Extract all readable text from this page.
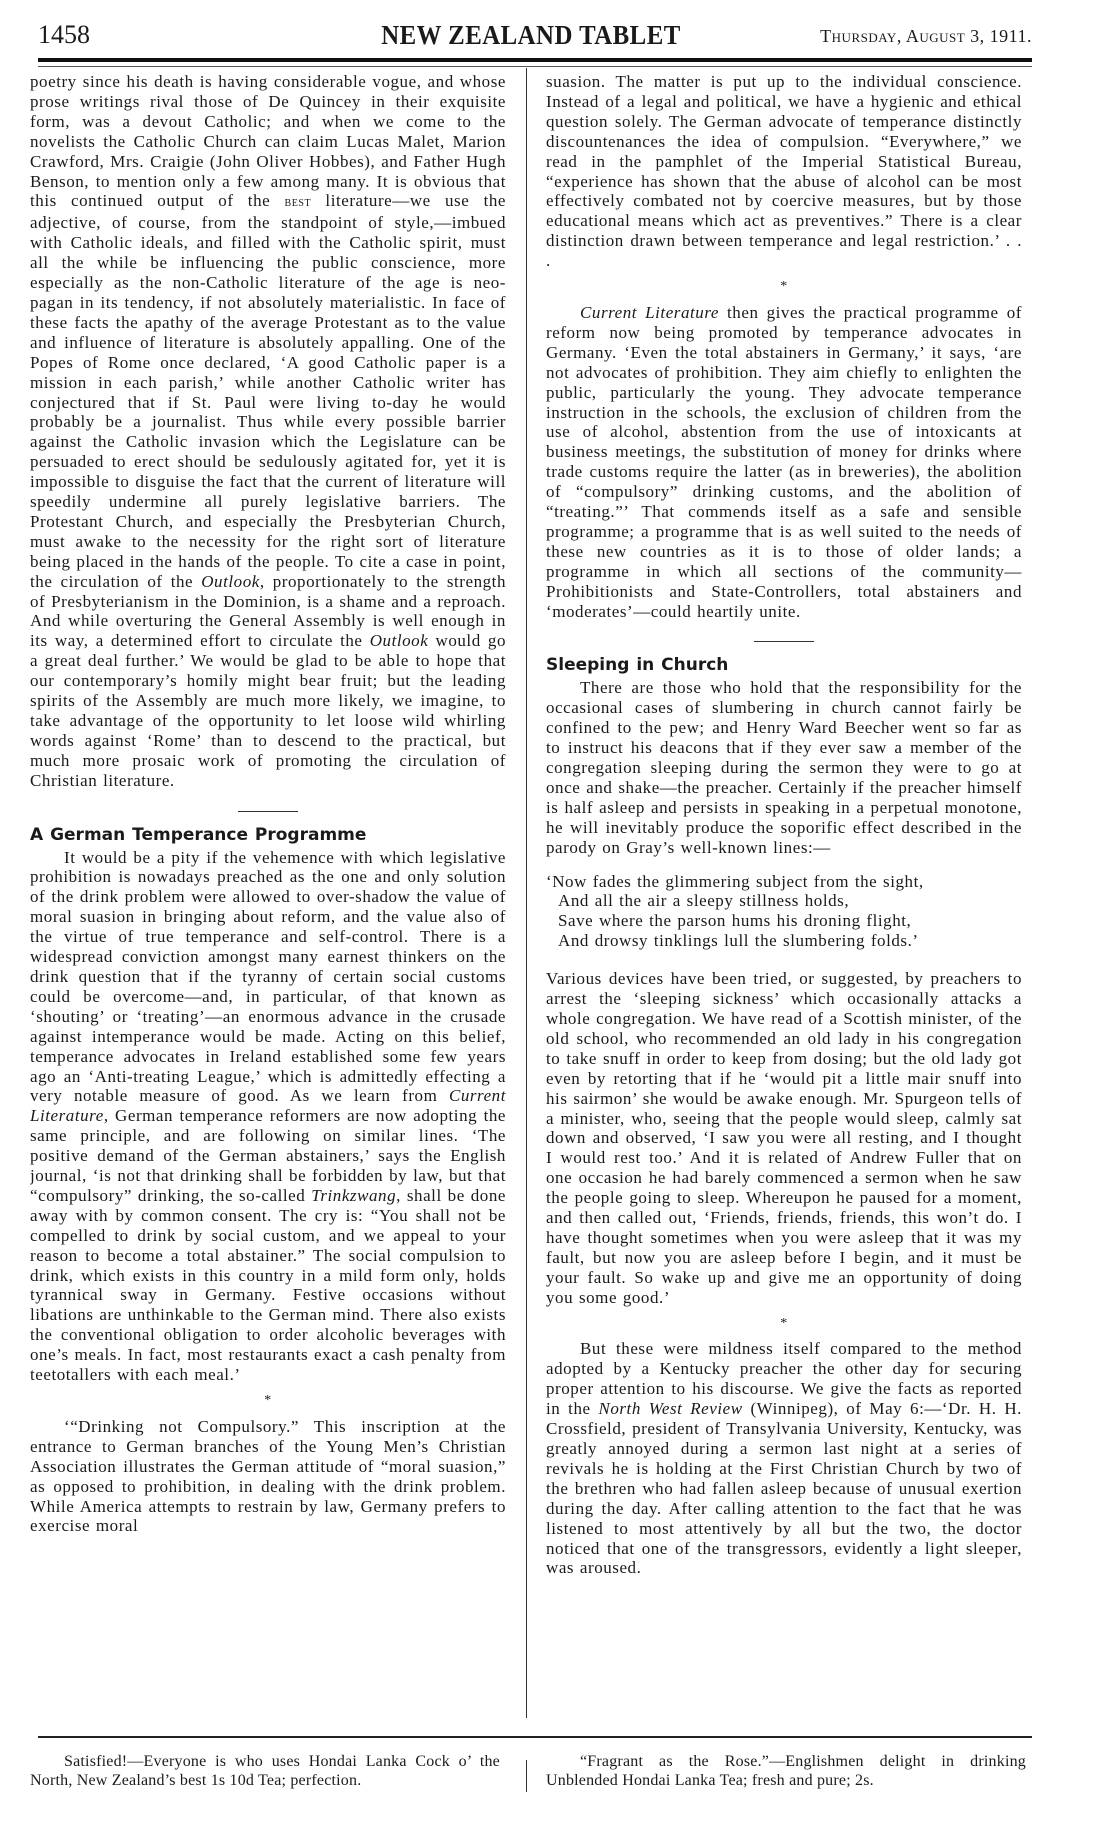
1458	NEW ZEALAND TABLET	Thursday, August 3, 1911.

poetry since his death is having considerable vogue, and whose prose writings rival those of De Quincey in their exquisite form, was a devout Catholic; and when we come to the novelists the Catholic Church can claim Lucas Malet, Marion Crawford, Mrs. Craigie (John Oliver Hobbes), and Father Hugh Benson, to mention only a few among many. It is obvious that this continued output of the best literature—we use the adjective, of course, from the standpoint of style,—imbued with Catholic ideals, and filled with the Catholic spirit, must all the while be influencing the public conscience, more especially as the non-Catholic literature of the age is neo-pagan in its tendency, if not absolutely materialistic. In face of these facts the apathy of the average Protestant as to the value and influence of literature is absolutely appalling. One of the Popes of Rome once declared, ‘A good Catholic paper is a mission in each parish,’ while another Catholic writer has conjectured that if St. Paul were living to-day he would probably be a journalist. Thus while every possible barrier against the Catholic invasion which the Legislature can be persuaded to erect should be sedulously agitated for, yet it is impossible to disguise the fact that the current of literature will speedily undermine all purely legislative barriers. The Protestant Church, and especially the Presbyterian Church, must awake to the necessity for the right sort of literature being placed in the hands of the people. To cite a case in point, the circulation of the Outlook, proportionately to the strength of Presbyterianism in the Dominion, is a shame and a reproach. And while overturing the General Assembly is well enough in its way, a determined effort to circulate the Outlook would go a great deal further.’ We would be glad to be able to hope that our contemporary’s homily might bear fruit; but the leading spirits of the Assembly are much more likely, we imagine, to take advantage of the opportunity to let loose wild whirling words against ‘Rome’ than to descend to the practical, but much more prosaic work of promoting the circulation of Christian literature.

A German Temperance Programme

It would be a pity if the vehemence with which legislative prohibition is nowadays preached as the one and only solution of the drink problem were allowed to over-shadow the value of moral suasion in bringing about reform, and the value also of the virtue of true temperance and self-control. There is a widespread conviction amongst many earnest thinkers on the drink question that if the tyranny of certain social customs could be overcome—and, in particular, of that known as ‘shouting’ or ‘treating’—an enormous advance in the crusade against intemperance would be made. Acting on this belief, temperance advocates in Ireland established some few years ago an ‘Anti-treating League,’ which is admittedly effecting a very notable measure of good. As we learn from Current Literature, German temperance reformers are now adopting the same principle, and are following on similar lines. ‘The positive demand of the German abstainers,’ says the English journal, ‘is not that drinking shall be forbidden by law, but that “compulsory” drinking, the so-called Trinkzwang, shall be done away with by common consent. The cry is: “You shall not be compelled to drink by social custom, and we appeal to your reason to become a total abstainer.” The social compulsion to drink, which exists in this country in a mild form only, holds tyrannical sway in Germany. Festive occasions without libations are unthinkable to the German mind. There also exists the conventional obligation to order alcoholic beverages with one’s meals. In fact, most restaurants exact a cash penalty from teetotallers with each meal.’

*

‘“Drinking not Compulsory.” This inscription at the entrance to German branches of the Young Men’s Christian Association illustrates the German attitude of “moral suasion,” as opposed to prohibition, in dealing with the drink problem. While America attempts to restrain by law, Germany prefers to exercise moral

suasion. The matter is put up to the individual conscience. Instead of a legal and political, we have a hygienic and ethical question solely. The German advocate of temperance distinctly discountenances the idea of compulsion. “Everywhere,” we read in the pamphlet of the Imperial Statistical Bureau, “experience has shown that the abuse of alcohol can be most effectively combated not by coercive measures, but by those educational means which act as preventives.” There is a clear distinction drawn between temperance and legal restriction.’ . . .

*

Current Literature then gives the practical programme of reform now being promoted by temperance advocates in Germany. ‘Even the total abstainers in Germany,’ it says, ‘are not advocates of prohibition. They aim chiefly to enlighten the public, particularly the young. They advocate temperance instruction in the schools, the exclusion of children from the use of alcohol, abstention from the use of intoxicants at business meetings, the substitution of money for drinks where trade customs require the latter (as in breweries), the abolition of “compulsory” drinking customs, and the abolition of “treating.”’ That commends itself as a safe and sensible programme; a programme that is as well suited to the needs of these new countries as it is to those of older lands; a programme in which all sections of the community—Prohibitionists and State-Controllers, total abstainers and ‘moderates’—could heartily unite.

Sleeping in Church

There are those who hold that the responsibility for the occasional cases of slumbering in church cannot fairly be confined to the pew; and Henry Ward Beecher went so far as to instruct his deacons that if they ever saw a member of the congregation sleeping during the sermon they were to go at once and shake—the preacher. Certainly if the preacher himself is half asleep and persists in speaking in a perpetual monotone, he will inevitably produce the soporific effect described in the parody on Gray’s well-known lines:—

‘Now fades the glimmering subject from the sight,
And all the air a sleepy stillness holds,
Save where the parson hums his droning flight,
And drowsy tinklings lull the slumbering folds.’

Various devices have been tried, or suggested, by preachers to arrest the ‘sleeping sickness’ which occasionally attacks a whole congregation. We have read of a Scottish minister, of the old school, who recommended an old lady in his congregation to take snuff in order to keep from dosing; but the old lady got even by retorting that if he ‘would pit a little mair snuff into his sairmon’ she would be awake enough. Mr. Spurgeon tells of a minister, who, seeing that the people would sleep, calmly sat down and observed, ‘I saw you were all resting, and I thought I would rest too.’ And it is related of Andrew Fuller that on one occasion he had barely commenced a sermon when he saw the people going to sleep. Whereupon he paused for a moment, and then called out, ‘Friends, friends, friends, this won’t do. I have thought sometimes when you were asleep that it was my fault, but now you are asleep before I begin, and it must be your fault. So wake up and give me an opportunity of doing you some good.’

*

But these were mildness itself compared to the method adopted by a Kentucky preacher the other day for securing proper attention to his discourse. We give the facts as reported in the North West Review (Winnipeg), of May 6:—‘Dr. H. H. Crossfield, president of Transylvania University, Kentucky, was greatly annoyed during a sermon last night at a series of revivals he is holding at the First Christian Church by two of the brethren who had fallen asleep because of unusual exertion during the day. After calling attention to the fact that he was listened to most attentively by all but the two, the doctor noticed that one of the transgressors, evidently a light sleeper, was aroused.

Satisfied!—Everyone is who uses Hondai Lanka Cock o’ the North, New Zealand’s best 1s 10d Tea; perfection.

“Fragrant as the Rose.”—Englishmen delight in drinking Unblended Hondai Lanka Tea; fresh and pure; 2s.
